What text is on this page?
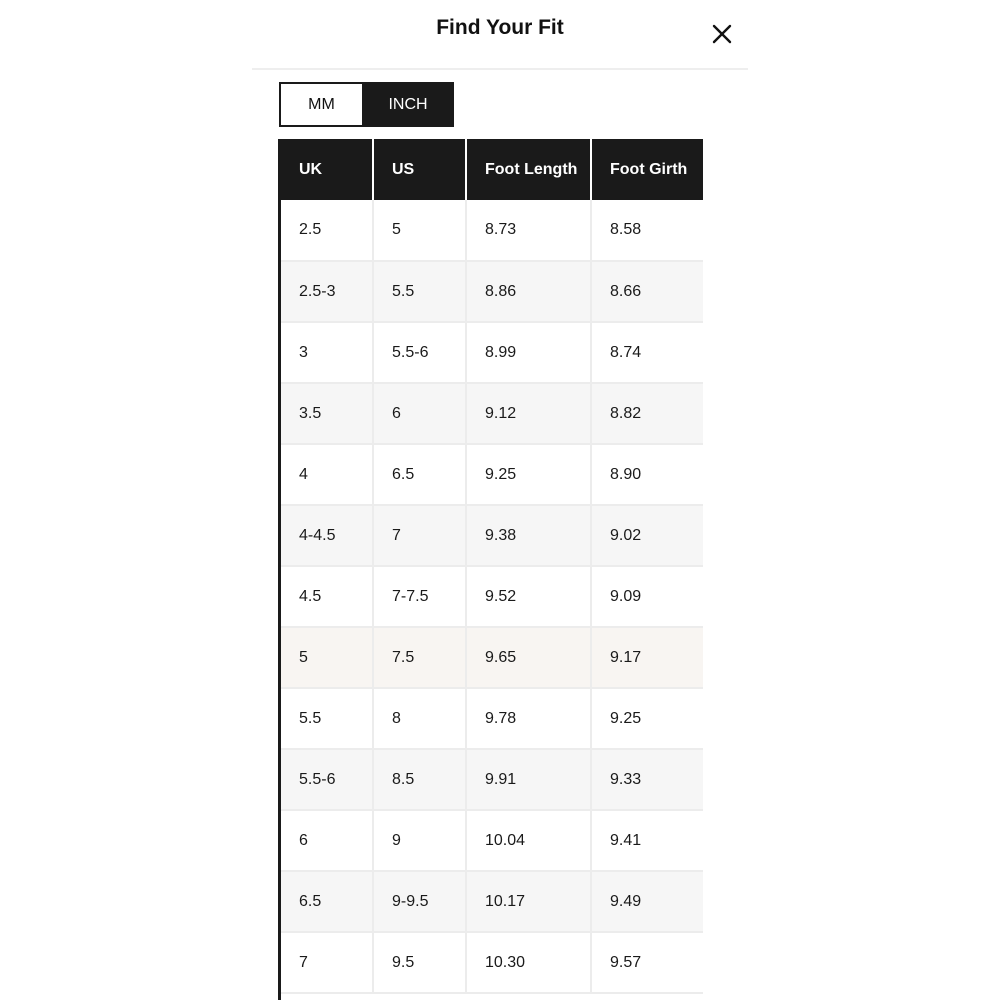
Find Your Fit
MM	INCH
UK	US	Foot Length	Foot Girth
2.5	5	8.73	8.58
2.5-3	5.5	8.86	8.66
3	5.5-6	8.99	8.74
3.5	6	9.12	8.82
4	6.5	9.25	8.90
4-4.5	7	9.38	9.02
4.5	7-7.5	9.52	9.09
5	7.5	9.65	9.17
5.5	8	9.78	9.25
5.5-6	8.5	9.91	9.33
6	9	10.04	9.41
6.5	9-9.5	10.17	9.49
7	9.5	10.30	9.57
